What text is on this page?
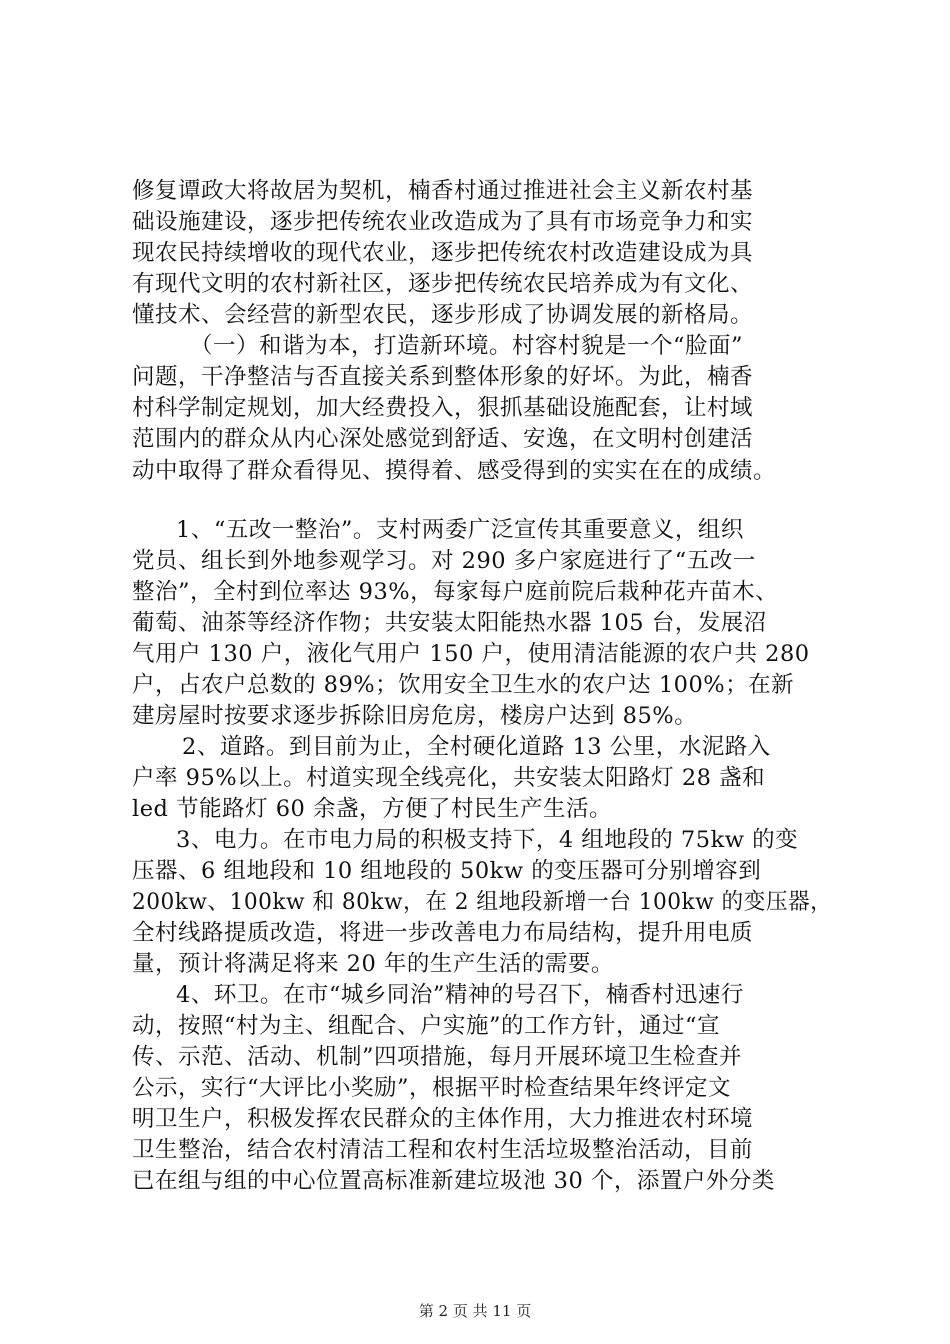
修复谭政大将故居为契机，楠香村通过推进社会主义新农村基
础设施建设，逐步把传统农业改造成为了具有市场竞争力和实
现农民持续增收的现代农业，逐步把传统农村改造建设成为具
有现代文明的农村新社区，逐步把传统农民培养成为有文化、
懂技术、会经营的新型农民，逐步形成了协调发展的新格局。
（一）和谐为本，打造新环境。村容村貌是一个“脸面”
问题，干净整洁与否直接关系到整体形象的好坏。为此，楠香
村科学制定规划，加大经费投入，狠抓基础设施配套，让村域
范围内的群众从内心深处感觉到舒适、安逸，在文明村创建活
动中取得了群众看得见、摸得着、感受得到的实实在在的成绩。
1、“五改一整治”。支村两委广泛宣传其重要意义，组织
党员、组长到外地参观学习。对 290 多户家庭进行了“五改一
整治”，全村到位率达 93%，每家每户庭前院后栽种花卉苗木、
葡萄、油茶等经济作物；共安装太阳能热水器 105 台，发展沼
气用户 130 户，液化气用户 150 户，使用清洁能源的农户共 280
户，占农户总数的 89%；饮用安全卫生水的农户达 100%；在新
建房屋时按要求逐步拆除旧房危房，楼房户达到 85%。
2、道路。到目前为止，全村硬化道路 13 公里，水泥路入
户率 95%以上。村道实现全线亮化，共安装太阳路灯 28 盏和
led 节能路灯 60 余盏，方便了村民生产生活。
3、电力。在市电力局的积极支持下，4 组地段的 75kw 的变
压器、6 组地段和 10 组地段的 50kw 的变压器可分别增容到
200kw、100kw 和 80kw，在 2 组地段新增一台 100kw 的变压器，
全村线路提质改造，将进一步改善电力布局结构，提升用电质
量，预计将满足将来 20 年的生产生活的需要。
4、环卫。在市“城乡同治”精神的号召下，楠香村迅速行
动，按照“村为主、组配合、户实施”的工作方针，通过“宣
传、示范、活动、机制”四项措施，每月开展环境卫生检查并
公示，实行“大评比小奖励”，根据平时检查结果年终评定文
明卫生户，积极发挥农民群众的主体作用，大力推进农村环境
卫生整治，结合农村清洁工程和农村生活垃圾整治活动，目前
已在组与组的中心位置高标准新建垃圾池 30 个，添置户外分类
第 2 页 共 11 页
